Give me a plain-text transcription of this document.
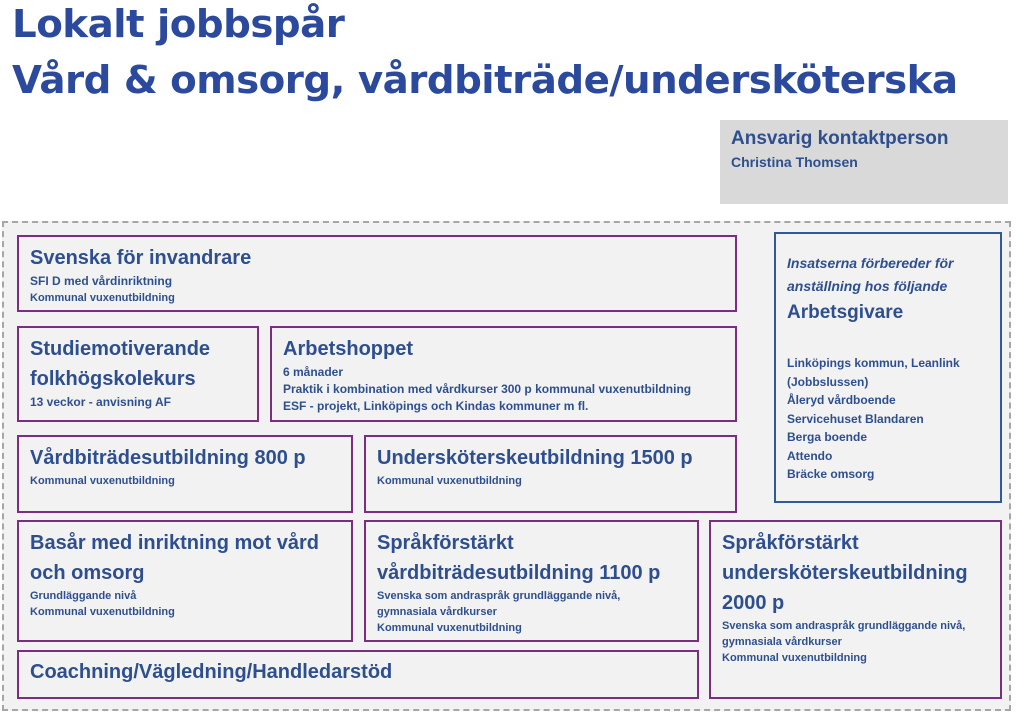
Lokalt jobbspår
Vård & omsorg, vårdbiträde/undersköterska
Ansvarig kontaktperson
Christina Thomsen
Svenska för invandrare
SFI D med vårdinriktning
Kommunal vuxenutbildning
Studiemotiverande
folkhögskolekurs
13 veckor - anvisning AF
Arbetshoppet
6 månader
Praktik i kombination med vårdkurser 300 p kommunal vuxenutbildning
ESF - projekt, Linköpings och Kindas kommuner m fl.
Vårdbiträdesutbildning 800 p
Kommunal vuxenutbildning
Undersköterskeutbildning 1500 p
Kommunal vuxenutbildning
Basår med inriktning mot vård
och omsorg
Grundläggande nivå
Kommunal vuxenutbildning
Språkförstärkt
vårdbiträdesutbildning 1100 p
Svenska som andraspråk grundläggande nivå,
gymnasiala vårdkurser
Kommunal vuxenutbildning
Språkförstärkt
undersköterskeutbildning
2000 p
Svenska som andraspråk grundläggande nivå,
gymnasiala vårdkurser
Kommunal vuxenutbildning
Coachning/Vägledning/Handledarstöd
Insatserna förbereder för
anställning hos följande
Arbetsgivare
Linköpings kommun, Leanlink
(Jobbslussen)
Åleryd vårdboende
Servicehuset Blandaren
Berga boende
Attendo
Bräcke omsorg
